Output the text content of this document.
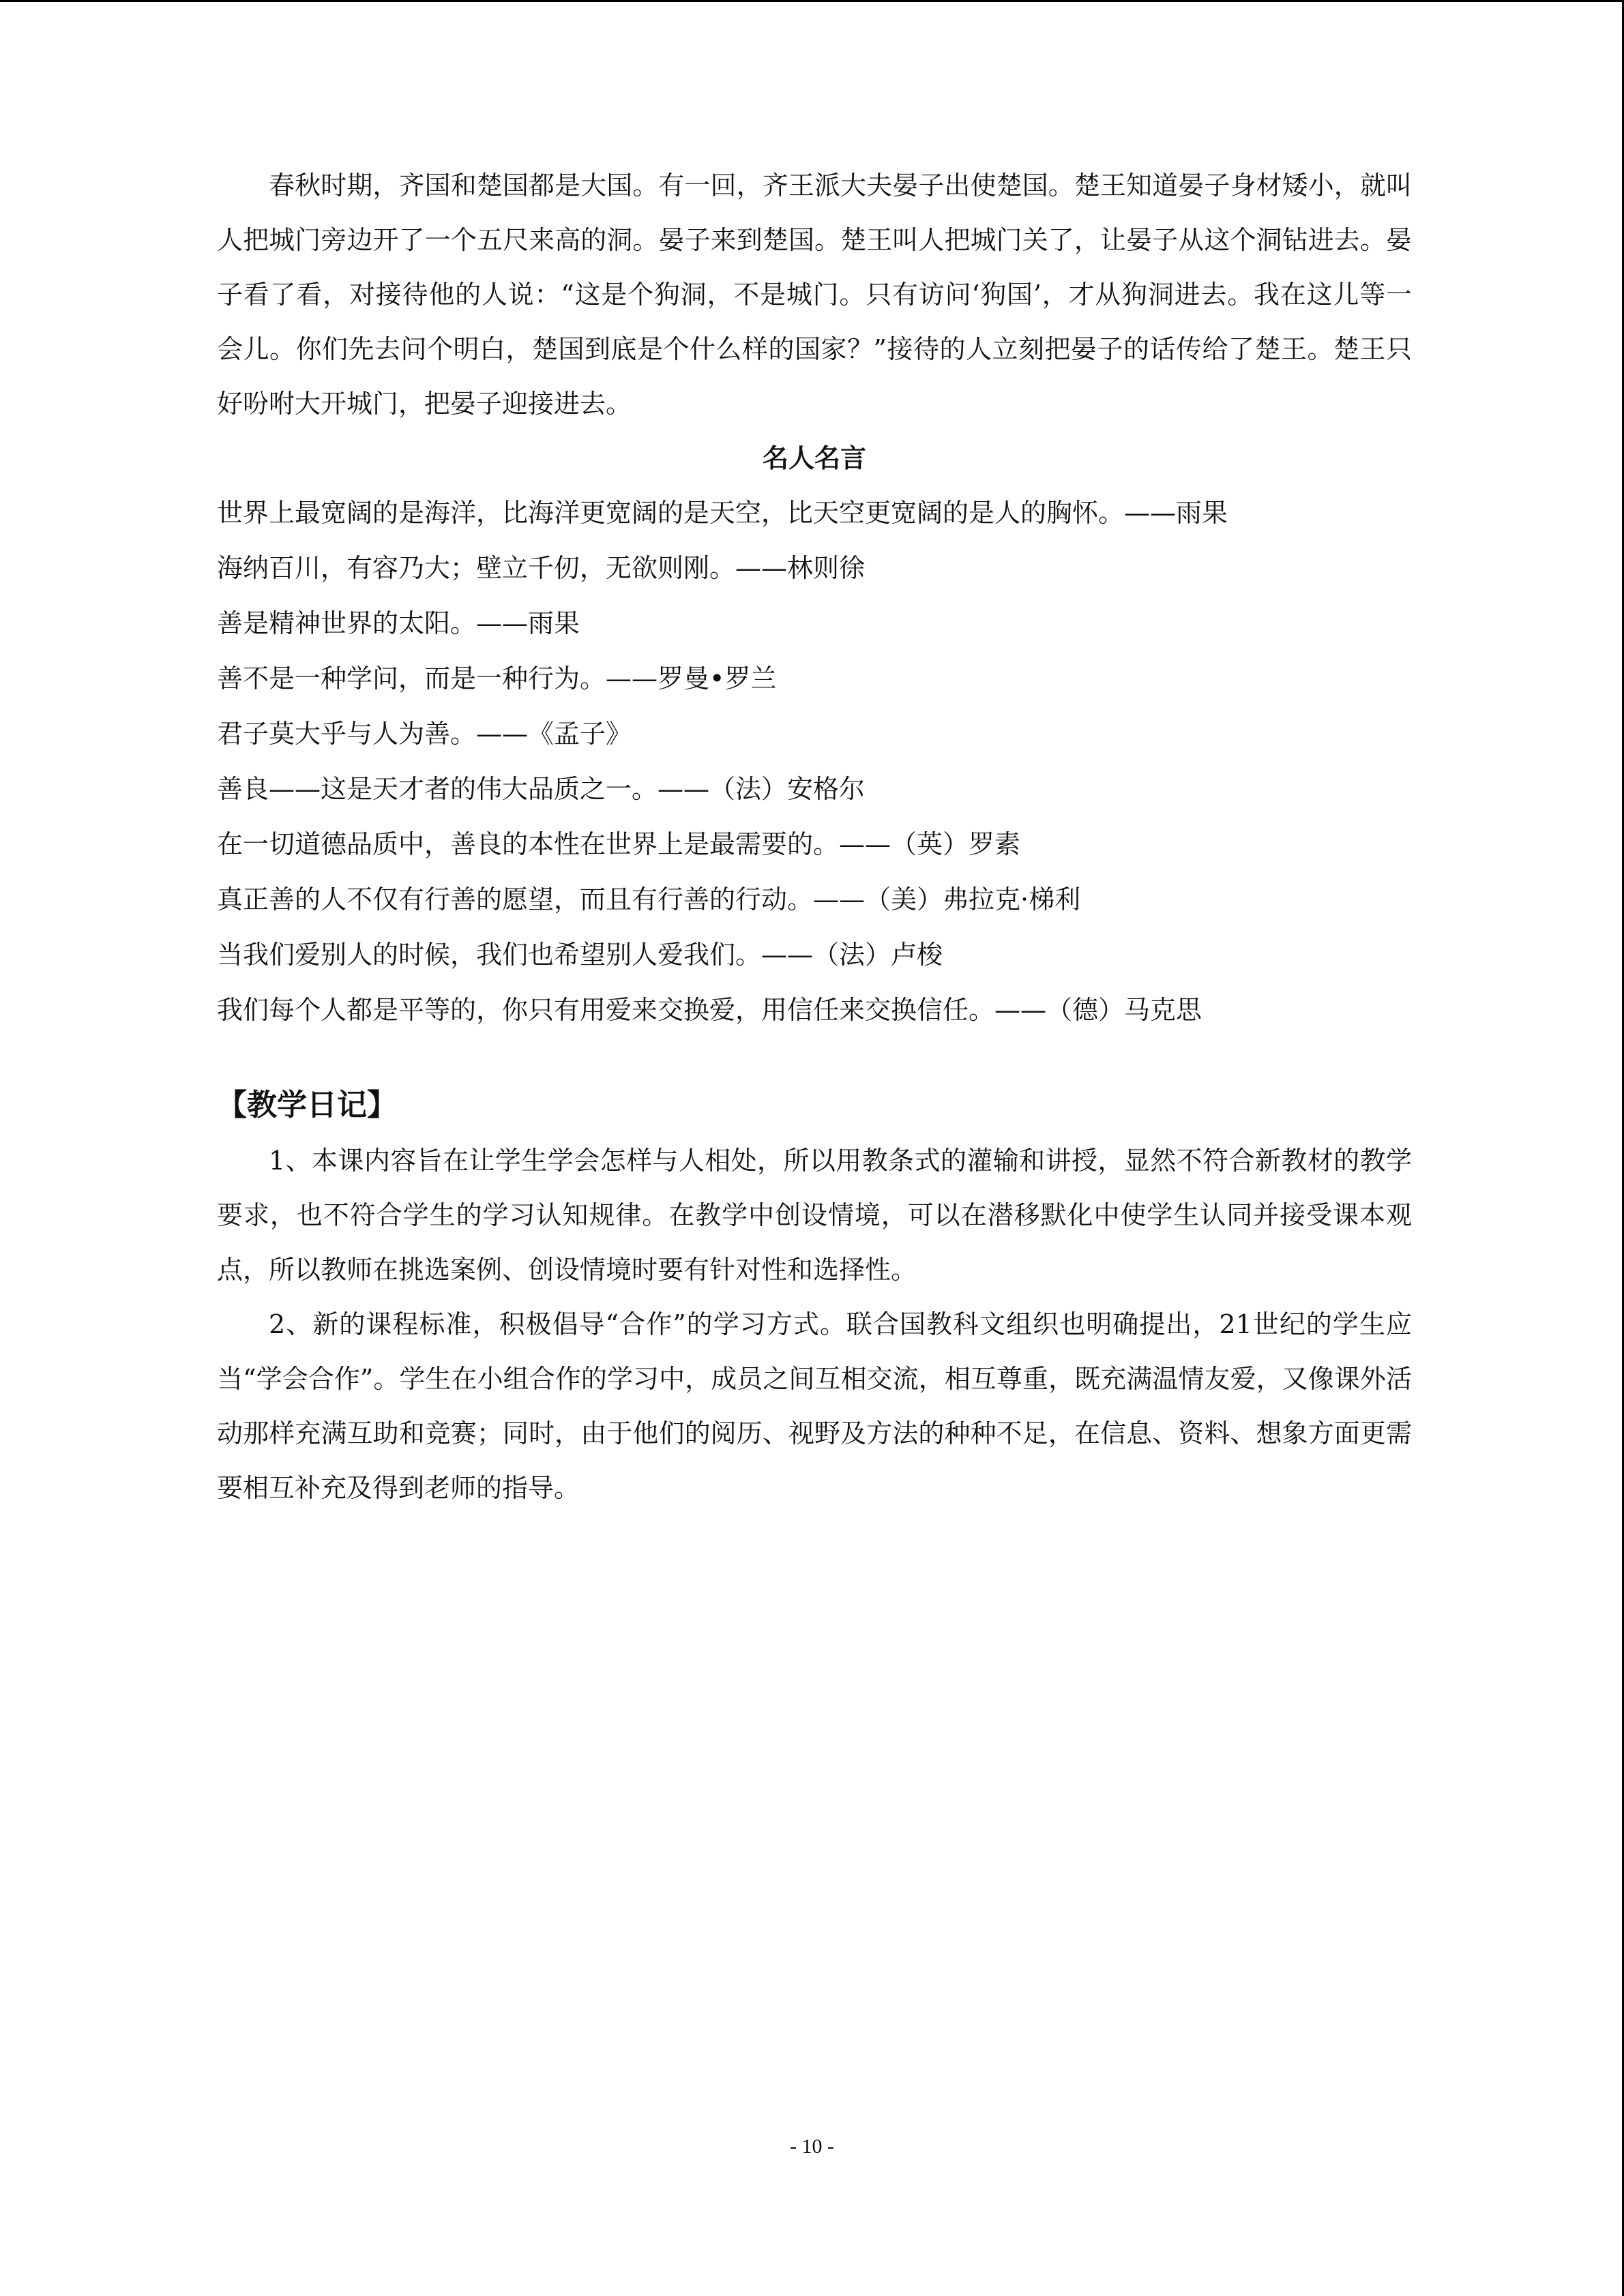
春秋时期，齐国和楚国都是大国。有一回，齐王派大夫晏子出使楚国。楚王知道晏子身材矮小，就叫人把城门旁边开了一个五尺来高的洞。晏子来到楚国。楚王叫人把城门关了，让晏子从这个洞钻进去。晏子看了看，对接待他的人说：“这是个狗洞，不是城门。只有访问‘狗国’，才从狗洞进去。我在这儿等一会儿。你们先去问个明白，楚国到底是个什么样的国家？”接待的人立刻把晏子的话传给了楚王。楚王只好吩咐大开城门，把晏子迎接进去。

名人名言

世界上最宽阔的是海洋，比海洋更宽阔的是天空，比天空更宽阔的是人的胸怀。——雨果

海纳百川，有容乃大；壁立千仞，无欲则刚。——林则徐

善是精神世界的太阳。——雨果

善不是一种学问，而是一种行为。——罗曼•罗兰

君子莫大乎与人为善。——《孟子》

善良——这是天才者的伟大品质之一。——（法）安格尔

在一切道德品质中，善良的本性在世界上是最需要的。——（英）罗素

真正善的人不仅有行善的愿望，而且有行善的行动。——（美）弗拉克·梯利

当我们爱别人的时候，我们也希望别人爱我们。——（法）卢梭

我们每个人都是平等的，你只有用爱来交换爱，用信任来交换信任。——（德）马克思

【教学日记】

1、本课内容旨在让学生学会怎样与人相处，所以用教条式的灌输和讲授，显然不符合新教材的教学要求，也不符合学生的学习认知规律。在教学中创设情境，可以在潜移默化中使学生认同并接受课本观点，所以教师在挑选案例、创设情境时要有针对性和选择性。

2、新的课程标准，积极倡导“合作”的学习方式。联合国教科文组织也明确提出，21世纪的学生应当“学会合作”。学生在小组合作的学习中，成员之间互相交流，相互尊重，既充满温情友爱，又像课外活动那样充满互助和竞赛；同时，由于他们的阅历、视野及方法的种种不足，在信息、资料、想象方面更需要相互补充及得到老师的指导。

- 10 -
